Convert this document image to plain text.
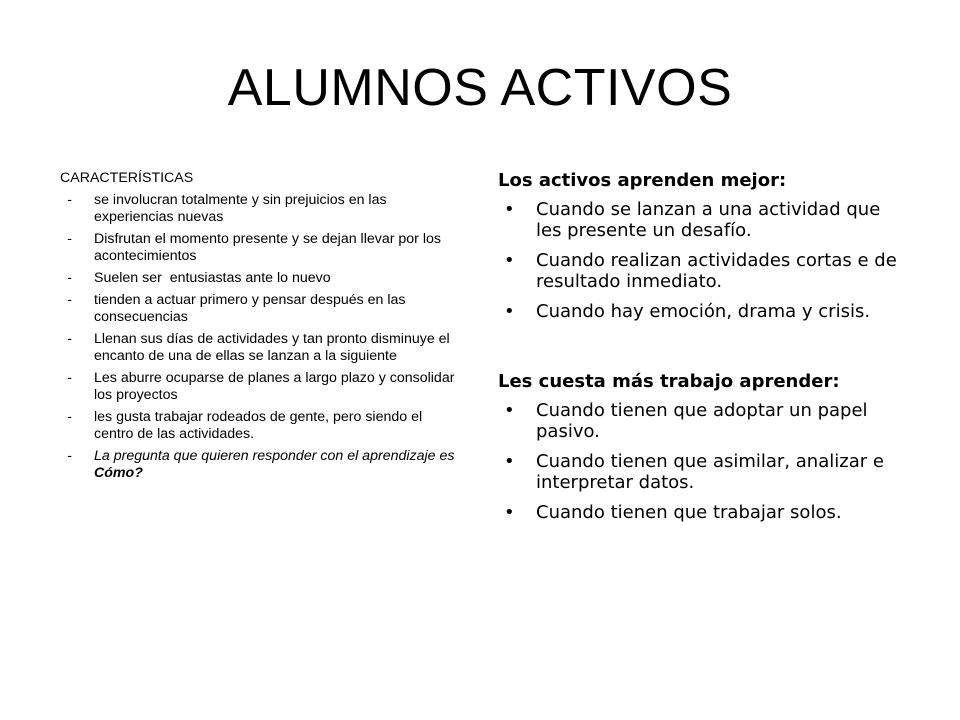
ALUMNOS ACTIVOS
CARACTERÍSTICAS
- se involucran totalmente y sin prejuicios en las experiencias nuevas
- Disfrutan el momento presente y se dejan llevar por los acontecimientos
- Suelen ser  entusiastas ante lo nuevo
- tienden a actuar primero y pensar después en las consecuencias
- Llenan sus días de actividades y tan pronto disminuye el encanto de una de ellas se lanzan a la siguiente
- Les aburre ocuparse de planes a largo plazo y consolidar los proyectos
- les gusta trabajar rodeados de gente, pero siendo el centro de las actividades.
- La pregunta que quieren responder con el aprendizaje es Cómo?
Los activos aprenden mejor:
• Cuando se lanzan a una actividad que les presente un desafío.
• Cuando realizan actividades cortas e de resultado inmediato.
• Cuando hay emoción, drama y crisis.
Les cuesta más trabajo aprender:
• Cuando tienen que adoptar un papel pasivo.
• Cuando tienen que asimilar, analizar e interpretar datos.
• Cuando tienen que trabajar solos.
